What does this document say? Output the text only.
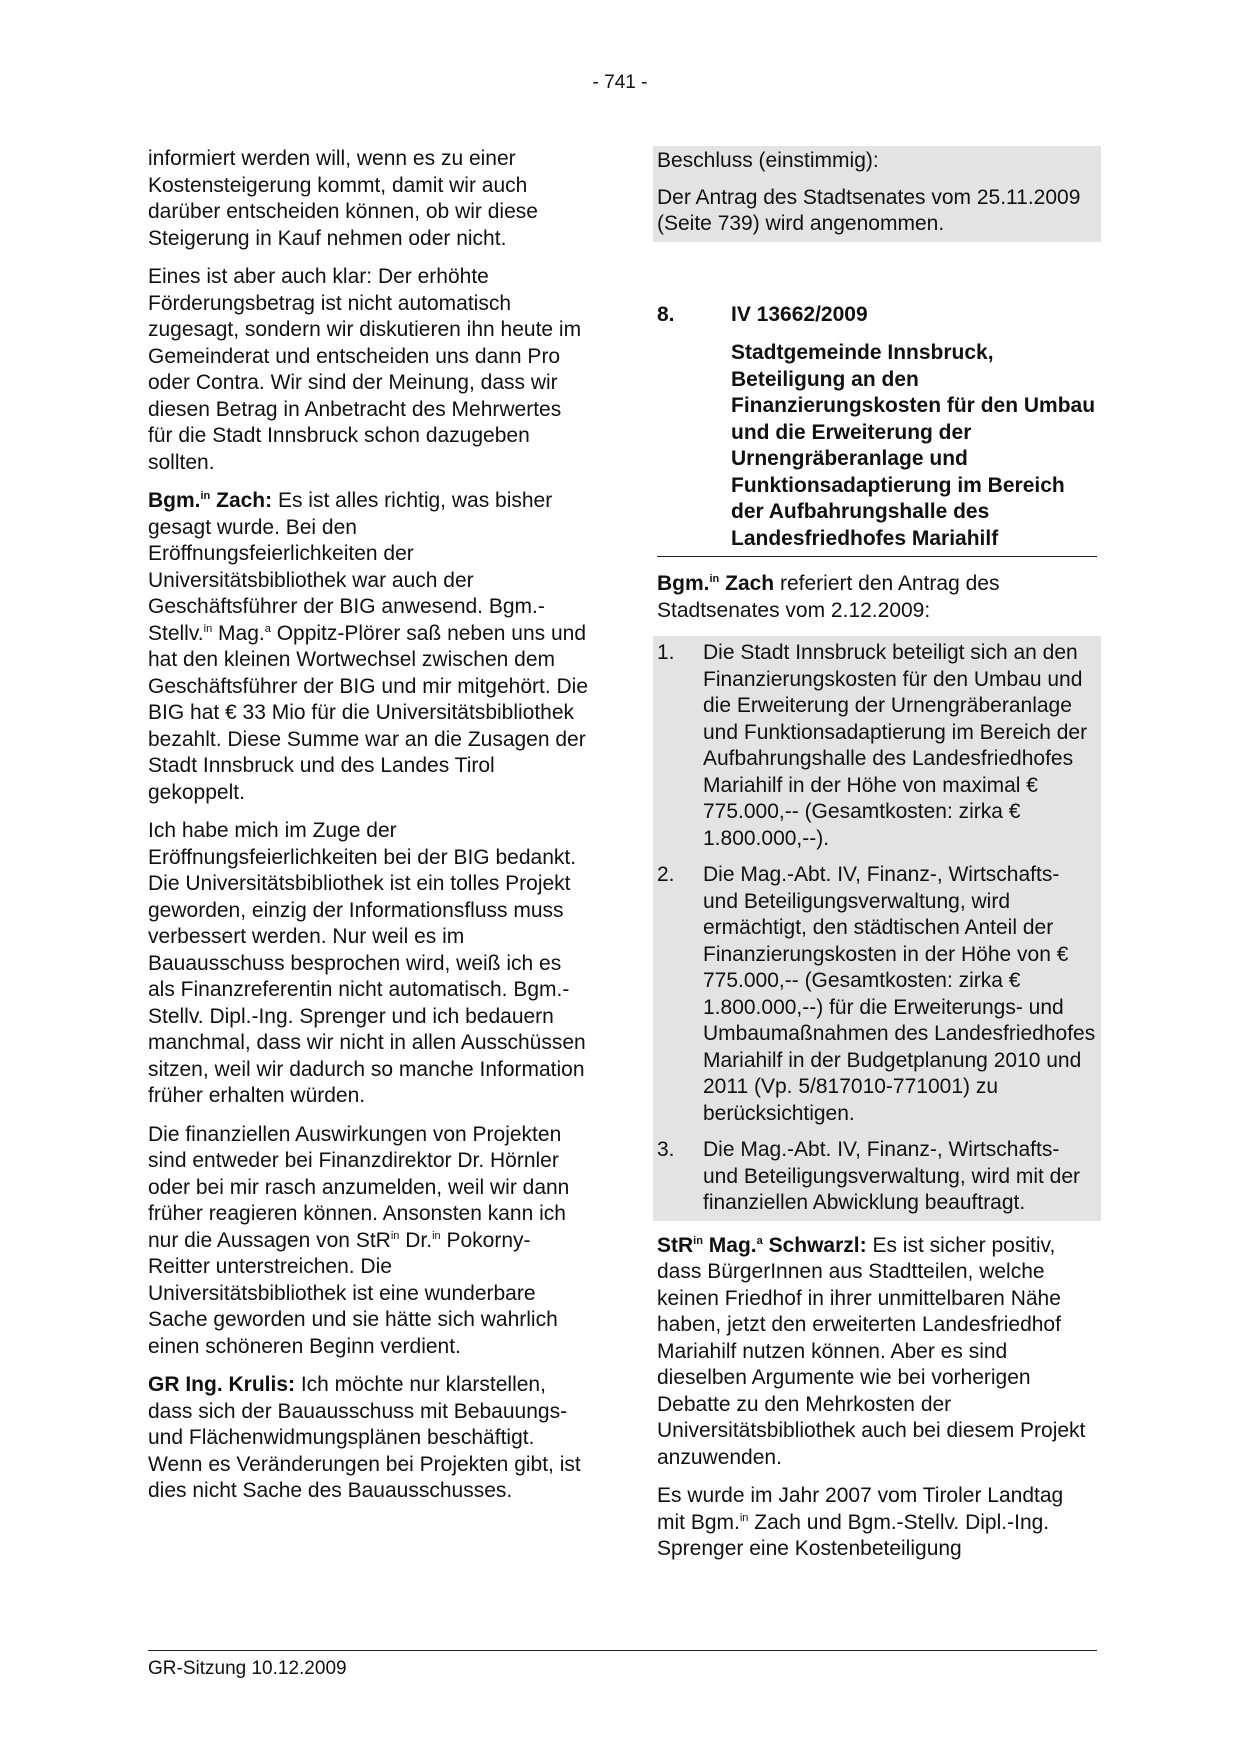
- 741 -

informiert werden will, wenn es zu einer Kostensteigerung kommt, damit wir auch darüber entscheiden können, ob wir diese Steigerung in Kauf nehmen oder nicht.

Eines ist aber auch klar: Der erhöhte Förderungsbetrag ist nicht automatisch zugesagt, sondern wir diskutieren ihn heute im Gemeinderat und entscheiden uns dann Pro oder Contra. Wir sind der Meinung, dass wir diesen Betrag in Anbetracht des Mehrwertes für die Stadt Innsbruck schon dazugeben sollten.

Bgm.$^{in}$ Zach: Es ist alles richtig, was bisher gesagt wurde. Bei den Eröffnungsfeierlichkeiten der Universitätsbibliothek war auch der Geschäftsführer der BIG anwesend. Bgm.-Stellv.$^{in}$ Mag.$^a$ Oppitz-Plörer saß neben uns und hat den kleinen Wortwechsel zwischen dem Geschäftsführer der BIG und mir mitgehört. Die BIG hat € 33 Mio für die Universitätsbibliothek bezahlt. Diese Summe war an die Zusagen der Stadt Innsbruck und des Landes Tirol gekoppelt.

Ich habe mich im Zuge der Eröffnungsfeierlichkeiten bei der BIG bedankt. Die Universitätsbibliothek ist ein tolles Projekt geworden, einzig der Informationsfluss muss verbessert werden. Nur weil es im Bauausschuss besprochen wird, weiß ich es als Finanzreferentin nicht automatisch. Bgm.-Stellv. Dipl.-Ing. Sprenger und ich bedauern manchmal, dass wir nicht in allen Ausschüssen sitzen, weil wir dadurch so manche Information früher erhalten würden.

Die finanziellen Auswirkungen von Projekten sind entweder bei Finanzdirektor Dr. Hörnler oder bei mir rasch anzumelden, weil wir dann früher reagieren können. Ansonsten kann ich nur die Aussagen von StR$^{in}$ Dr.$^{in}$ Pokorny-Reitter unterstreichen. Die Universitätsbibliothek ist eine wunderbare Sache geworden und sie hätte sich wahrlich einen schöneren Beginn verdient.

GR Ing. Krulis: Ich möchte nur klarstellen, dass sich der Bauausschuss mit Bebauungs- und Flächenwidmungsplänen beschäftigt. Wenn es Veränderungen bei Projekten gibt, ist dies nicht Sache des Bauausschusses.

Beschluss (einstimmig):

Der Antrag des Stadtsenates vom 25.11.2009 (Seite 739) wird angenommen.

8.	IV 13662/2009
Stadtgemeinde Innsbruck, Beteiligung an den Finanzierungskosten für den Umbau und die Erweiterung der Urnengräberanlage und Funktionsadaptierung im Bereich der Aufbahrungshalle des Landesfriedhofes Mariahilf

Bgm.$^{in}$ Zach referiert den Antrag des Stadtsenates vom 2.12.2009:

1.	Die Stadt Innsbruck beteiligt sich an den Finanzierungskosten für den Umbau und die Erweiterung der Urnengräberanlage und Funktionsadaptierung im Bereich der Aufbahrungshalle des Landesfriedhofes Mariahilf in der Höhe von maximal € 775.000,-- (Gesamtkosten: zirka € 1.800.000,--).
2.	Die Mag.-Abt. IV, Finanz-, Wirtschafts- und Beteiligungsverwaltung, wird ermächtigt, den städtischen Anteil der Finanzierungskosten in der Höhe von € 775.000,-- (Gesamtkosten: zirka € 1.800.000,--) für die Erweiterungs- und Umbaumaßnahmen des Landesfriedhofes Mariahilf in der Budgetplanung 2010 und 2011 (Vp. 5/817010-771001) zu berücksichtigen.
3.	Die Mag.-Abt. IV, Finanz-, Wirtschafts- und Beteiligungsverwaltung, wird mit der finanziellen Abwicklung beauftragt.

StR$^{in}$ Mag.$^a$ Schwarzl: Es ist sicher positiv, dass BürgerInnen aus Stadtteilen, welche keinen Friedhof in ihrer unmittelbaren Nähe haben, jetzt den erweiterten Landesfriedhof Mariahilf nutzen können. Aber es sind dieselben Argumente wie bei vorherigen Debatte zu den Mehrkosten der Universitätsbibliothek auch bei diesem Projekt anzuwenden.

Es wurde im Jahr 2007 vom Tiroler Landtag mit Bgm.$^{in}$ Zach und Bgm.-Stellv. Dipl.-Ing. Sprenger eine Kostenbeteiligung

GR-Sitzung 10.12.2009
